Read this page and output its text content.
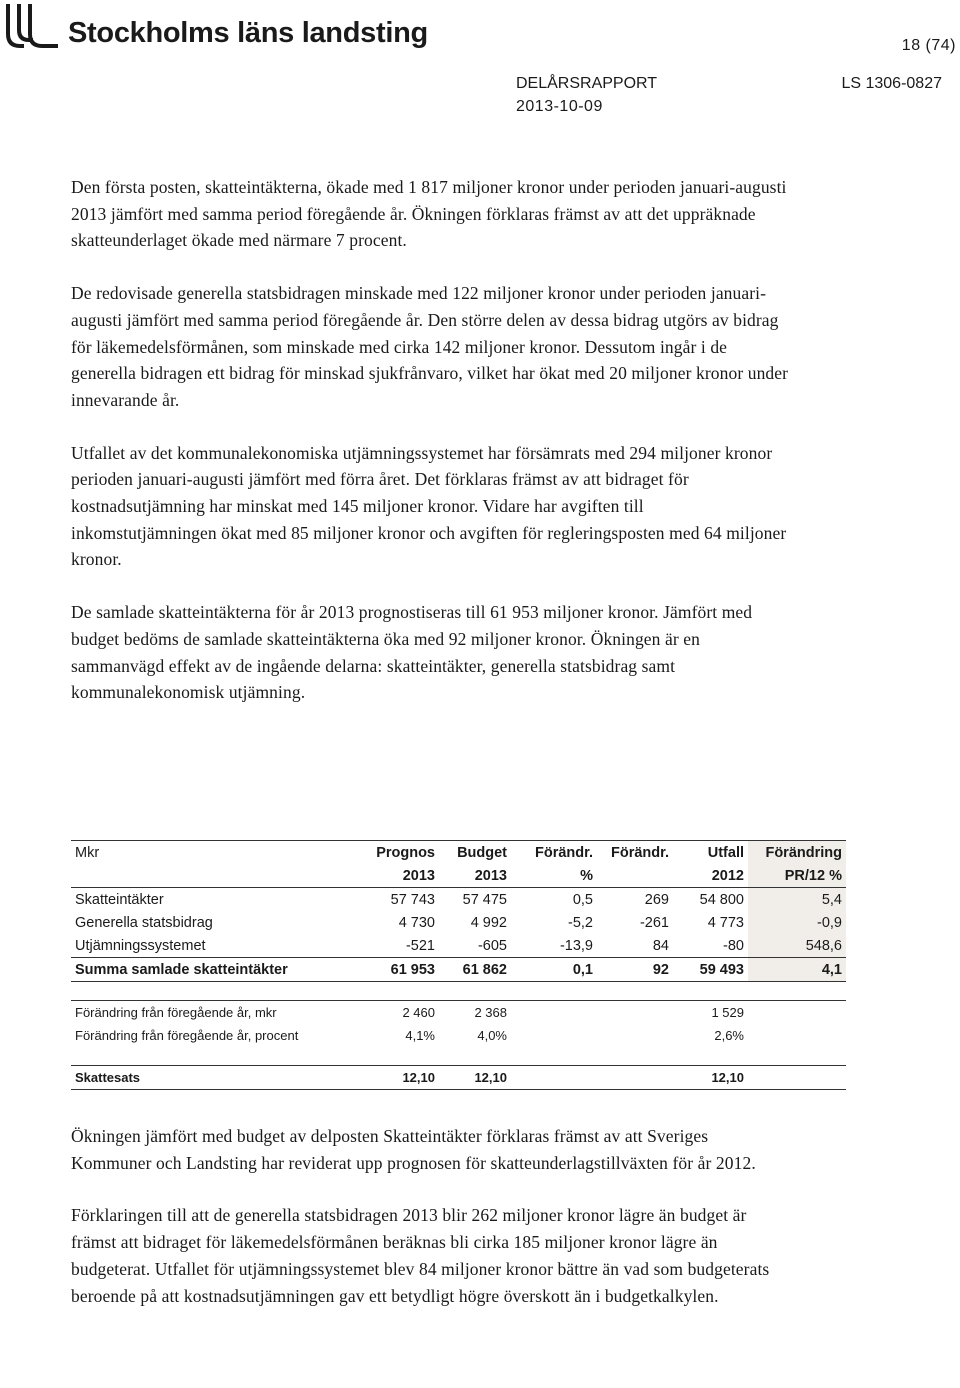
Stockholms läns landsting	18 (74)
DELÅRSRAPPORT	LS 1306-0827
2013-10-09

Den första posten, skatteintäkterna, ökade med 1 817 miljoner kronor under perioden januari-augusti 2013 jämfört med samma period föregående år. Ökningen förklaras främst av att det uppräknade skatteunderlaget ökade med närmare 7 procent.

De redovisade generella statsbidragen minskade med 122 miljoner kronor under perioden januari-augusti jämfört med samma period föregående år. Den större delen av dessa bidrag utgörs av bidrag för läkemedelsförmånen, som minskade med cirka 142 miljoner kronor. Dessutom ingår i de generella bidragen ett bidrag för minskad sjukfrånvaro, vilket har ökat med 20 miljoner kronor under innevarande år.

Utfallet av det kommunalekonomiska utjämningssystemet har försämrats med 294 miljoner kronor perioden januari-augusti jämfört med förra året. Det förklaras främst av att bidraget för kostnadsutjämning har minskat med 145 miljoner kronor. Vidare har avgiften till inkomstutjämningen ökat med 85 miljoner kronor och avgiften för regleringsposten med 64 miljoner kronor.

De samlade skatteintäkterna för år 2013 prognostiseras till 61 953 miljoner kronor. Jämfört med budget bedöms de samlade skatteintäkterna öka med 92 miljoner kronor. Ökningen är en sammanvägd effekt av de ingående delarna: skatteintäkter, generella statsbidrag samt kommunalekonomisk utjämning.

Mkr	Prognos	Budget	Förändr.	Förändr.	Utfall	Förändring
	2013	2013	%		2012	PR/12 %
Skatteintäkter	57 743	57 475	0,5	269	54 800	5,4
Generella statsbidrag	4 730	4 992	-5,2	-261	4 773	-0,9
Utjämningssystemet	-521	-605	-13,9	84	-80	548,6
Summa samlade skatteintäkter	61 953	61 862	0,1	92	59 493	4,1

Förändring från föregående år, mkr	2 460	2 368			1 529	
Förändring från föregående år, procent	4,1%	4,0%			2,6%	

Skattesats	12,10	12,10			12,10	

Ökningen jämfört med budget av delposten Skatteintäkter förklaras främst av att Sveriges Kommuner och Landsting har reviderat upp prognosen för skatteunderlagstillväxten för år 2012.

Förklaringen till att de generella statsbidragen 2013 blir 262 miljoner kronor lägre än budget är främst att bidraget för läkemedelsförmånen beräknas bli cirka 185 miljoner kronor lägre än budgeterat. Utfallet för utjämningssystemet blev 84 miljoner kronor bättre än vad som budgeterats beroende på att kostnadsutjämningen gav ett betydligt högre överskott än i budgetkalkylen.
